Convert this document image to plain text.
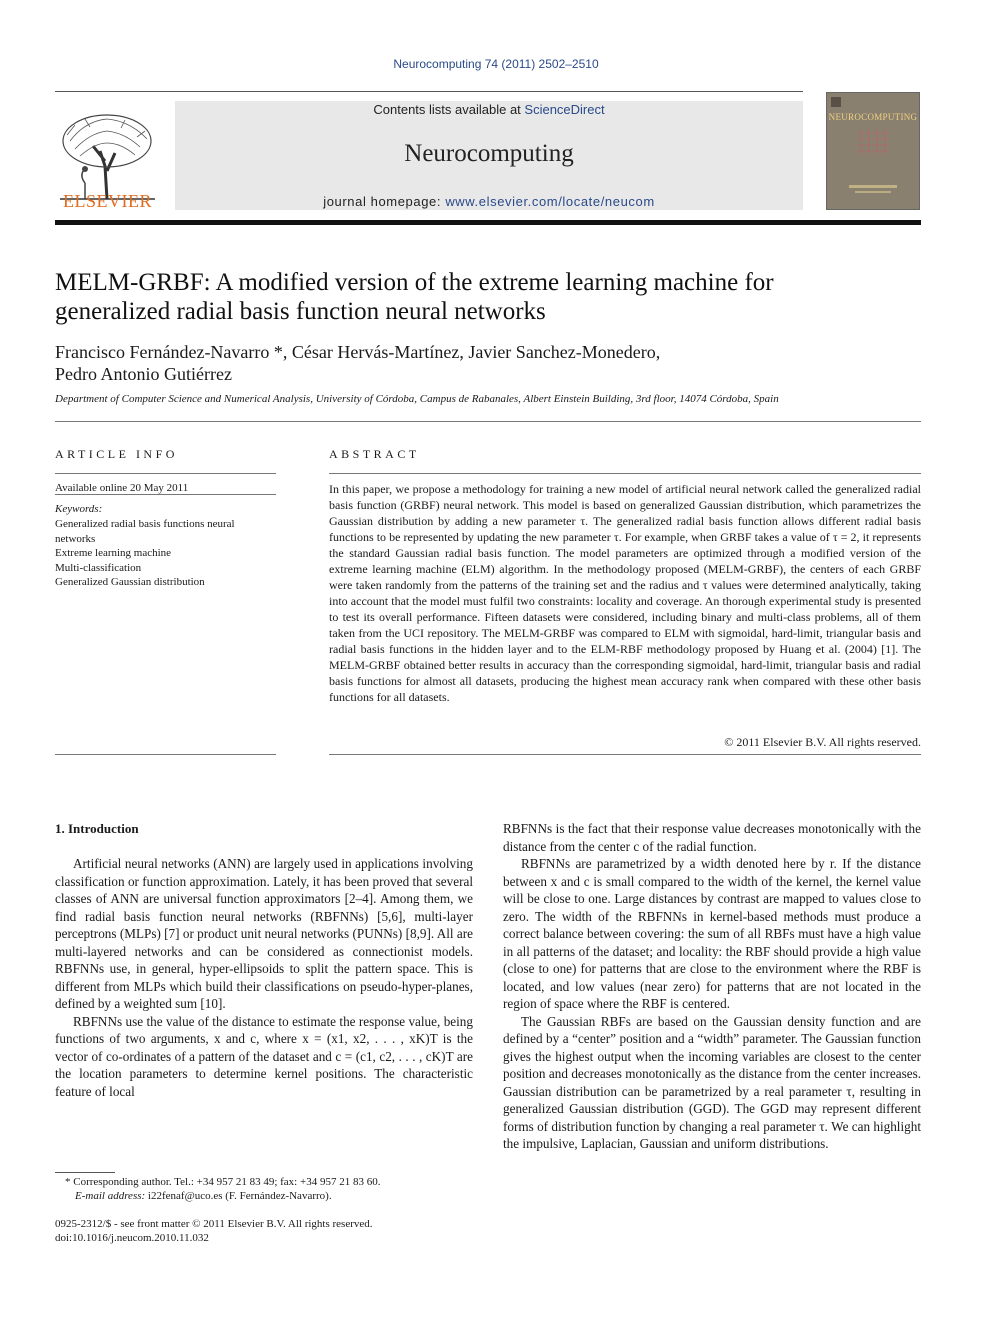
Neurocomputing 74 (2011) 2502–2510
ELSEVIER
Contents lists available at ScienceDirect
Neurocomputing
journal homepage: www.elsevier.com/locate/neucom
NEUROCOMPUTING
MELM-GRBF: A modified version of the extreme learning machine for
generalized radial basis function neural networks
Francisco Fernández-Navarro *, César Hervás-Martínez, Javier Sanchez-Monedero,
Pedro Antonio Gutiérrez
Department of Computer Science and Numerical Analysis, University of Córdoba, Campus de Rabanales, Albert Einstein Building, 3rd floor, 14074 Córdoba, Spain
ARTICLE INFO
Available online 20 May 2011
Keywords:
Generalized radial basis functions neural networks
Extreme learning machine
Multi-classification
Generalized Gaussian distribution
ABSTRACT
In this paper, we propose a methodology for training a new model of artificial neural network called the generalized radial basis function (GRBF) neural network. This model is based on generalized Gaussian distribution, which parametrizes the Gaussian distribution by adding a new parameter τ. The generalized radial basis function allows different radial basis functions to be represented by updating the new parameter τ. For example, when GRBF takes a value of τ = 2, it represents the standard Gaussian radial basis function. The model parameters are optimized through a modified version of the extreme learning machine (ELM) algorithm. In the methodology proposed (MELM-GRBF), the centers of each GRBF were taken randomly from the patterns of the training set and the radius and τ values were determined analytically, taking into account that the model must fulfil two constraints: locality and coverage. An thorough experimental study is presented to test its overall performance. Fifteen datasets were considered, including binary and multi-class problems, all of them taken from the UCI repository. The MELM-GRBF was compared to ELM with sigmoidal, hard-limit, triangular basis and radial basis functions in the hidden layer and to the ELM-RBF methodology proposed by Huang et al. (2004) [1]. The MELM-GRBF obtained better results in accuracy than the corresponding sigmoidal, hard-limit, triangular basis and radial basis functions for almost all datasets, producing the highest mean accuracy rank when compared with these other basis functions for all datasets.
© 2011 Elsevier B.V. All rights reserved.
1. Introduction

Artificial neural networks (ANN) are largely used in applications involving classification or function approximation. Lately, it has been proved that several classes of ANN are universal function approximators [2–4]. Among them, we find radial basis function neural networks (RBFNNs) [5,6], multi-layer perceptrons (MLPs) [7] or product unit neural networks (PUNNs) [8,9]. All are multi-layered networks and can be considered as connectionist models. RBFNNs use, in general, hyper-ellipsoids to split the pattern space. This is different from MLPs which build their classifications on pseudo-hyper-planes, defined by a weighted sum [10].

RBFNNs use the value of the distance to estimate the response value, being functions of two arguments, x and c, where x = (x1, x2, . . . , xK)T is the vector of co-ordinates of a pattern of the dataset and c = (c1, c2, . . . , cK)T are the location parameters to determine kernel positions. The characteristic feature of local

RBFNNs is the fact that their response value decreases monotonically with the distance from the center c of the radial function.

RBFNNs are parametrized by a width denoted here by r. If the distance between x and c is small compared to the width of the kernel, the kernel value will be close to one. Large distances by contrast are mapped to values close to zero. The width of the RBFNNs in kernel-based methods must produce a correct balance between covering: the sum of all RBFs must have a high value in all patterns of the dataset; and locality: the RBF should provide a high value (close to one) for patterns that are close to the environment where the RBF is located, and low values (near zero) for patterns that are not located in the region of space where the RBF is centered.

The Gaussian RBFs are based on the Gaussian density function and are defined by a “center” position and a “width” parameter. The Gaussian function gives the highest output when the incoming variables are closest to the center position and decreases monotonically as the distance from the center increases. Gaussian distribution can be parametrized by a real parameter τ, resulting in generalized Gaussian distribution (GGD). The GGD may represent different forms of distribution function by changing a real parameter τ. We can highlight the impulsive, Laplacian, Gaussian and uniform distributions.

* Corresponding author. Tel.: +34 957 21 83 49; fax: +34 957 21 83 60.
E-mail address: i22fenaf@uco.es (F. Fernández-Navarro).
0925-2312/$ - see front matter © 2011 Elsevier B.V. All rights reserved.
doi:10.1016/j.neucom.2010.11.032
